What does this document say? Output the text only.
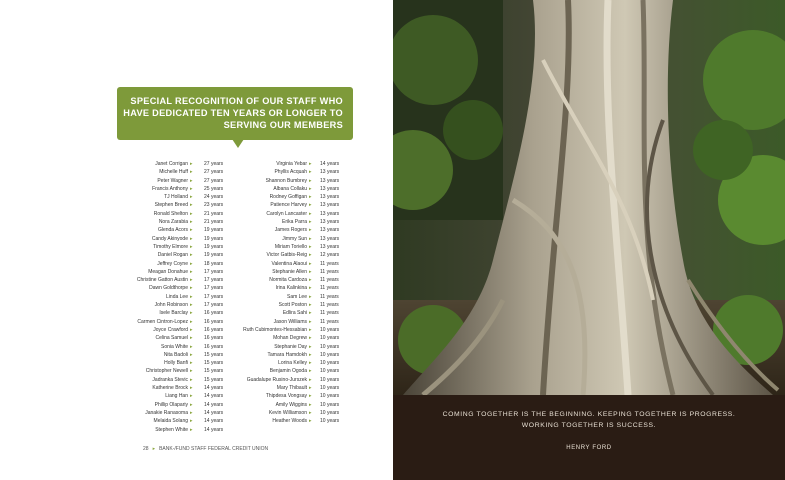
SPECIAL RECOGNITION OF OUR STAFF WHO HAVE DEDICATED TEN YEARS OR LONGER TO SERVING OUR MEMBERS
Janet Corrigan ▸ 27 years
Michelle Huff ▸ 27 years
Peter Wagner ▸ 27 years
Francis Anthony ▸ 25 years
TJ Holland ▸ 24 years
Stephen Breed ▸ 23 years
Ronald Shelton ▸ 21 years
Nora Zarabia ▸ 21 years
Glenda Acors ▸ 19 years
Candy Akinyode ▸ 19 years
Timothy Elmore ▸ 19 years
Daniel Rogan ▸ 19 years
Jeffrey Coyne ▸ 18 years
Meagan Donahue ▸ 17 years
Christine Gatton Austin ▸ 17 years
Dawn Goldthorpe ▸ 17 years
Linda Lee ▸ 17 years
John Robinson ▸ 17 years
Isele Barclay ▸ 16 years
Carmen Cintron-Lopez ▸ 16 years
Joyce Crawford ▸ 16 years
Celina Samuel ▸ 16 years
Sonia White ▸ 16 years
Nita Badoli ▸ 15 years
Holly Banfi ▸ 15 years
Christopher Newell ▸ 15 years
Jadranka Stevic ▸ 15 years
Katherine Brock ▸ 14 years
Liang Han ▸ 14 years
Phillip Olapariy ▸ 14 years
Janakie Ranasoma ▸ 14 years
Melaida Solang ▸ 14 years
Stephen White ▸ 14 years
Virginia Yebar ▸ 14 years
Phyllis Acquah ▸ 13 years
Shannon Bumbrey ▸ 13 years
Albana Collaku ▸ 13 years
Rodney Goffigan ▸ 13 years
Patience Harvey ▸ 13 years
Carolyn Lancaster ▸ 13 years
Erika Parra ▸ 13 years
James Rogers ▸ 13 years
Jimmy Sun ▸ 13 years
Miriam Toriello ▸ 13 years
Victor Gatbis-Reig ▸ 12 years
Valentina Alaoui ▸ 11 years
Stephanie Allen ▸ 11 years
Normita Cardoza ▸ 11 years
Irina Kalinkina ▸ 11 years
Sam Lee ▸ 11 years
Scott Poston ▸ 11 years
Edlira Sahi ▸ 11 years
Jason Williams ▸ 11 years
Ruth Cubimontes-Hessabian ▸ 10 years
Mohan Degrew ▸ 10 years
Stephanie Day ▸ 10 years
Tamara Hamdokh ▸ 10 years
Lorina Kelley ▸ 10 years
Benjamin Ogoda ▸ 10 years
Guadalupe Rusino-Jurszek ▸ 10 years
Mary Thibault ▸ 10 years
Thipdesa Vongsay ▸ 10 years
Amily Wiggins ▸ 10 years
Kevin Williamson ▸ 10 years
Heather Woods ▸ 10 years
28 ▸ BANK-/FUND STAFF FEDERAL CREDIT UNION
COMING TOGETHER IS THE BEGINNING. KEEPING TOGETHER IS PROGRESS.
WORKING TOGETHER IS SUCCESS.
HENRY FORD
